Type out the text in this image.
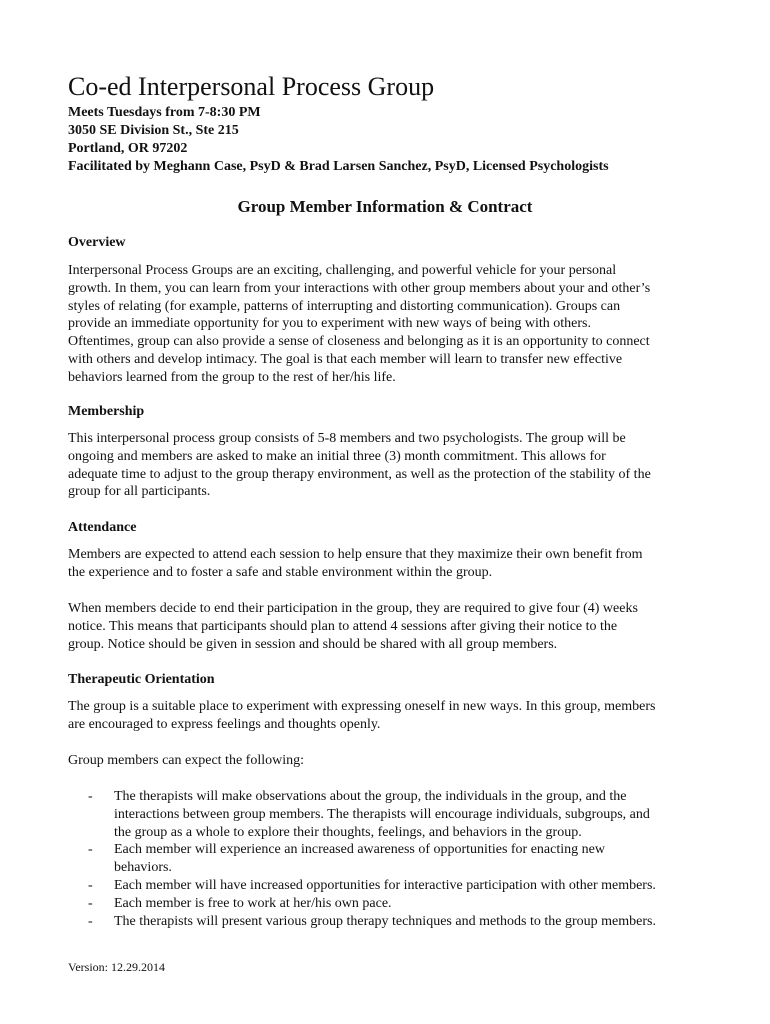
Co-ed Interpersonal Process Group
Meets Tuesdays from 7-8:30 PM
3050 SE Division St., Ste 215
Portland, OR 97202
Facilitated by Meghann Case, PsyD & Brad Larsen Sanchez, PsyD, Licensed Psychologists
Group Member Information & Contract
Overview
Interpersonal Process Groups are an exciting, challenging, and powerful vehicle for your personal
growth. In them, you can learn from your interactions with other group members about your and other’s
styles of relating (for example, patterns of interrupting and distorting communication). Groups can
provide an immediate opportunity for you to experiment with new ways of being with others.
Oftentimes, group can also provide a sense of closeness and belonging as it is an opportunity to connect
with others and develop intimacy. The goal is that each member will learn to transfer new effective
behaviors learned from the group to the rest of her/his life.
Membership
This interpersonal process group consists of 5-8 members and two psychologists. The group will be
ongoing and members are asked to make an initial three (3) month commitment. This allows for
adequate time to adjust to the group therapy environment, as well as the protection of the stability of the
group for all participants.
Attendance
Members are expected to attend each session to help ensure that they maximize their own benefit from
the experience and to foster a safe and stable environment within the group.
When members decide to end their participation in the group, they are required to give four (4) weeks
notice. This means that participants should plan to attend 4 sessions after giving their notice to the
group. Notice should be given in session and should be shared with all group members.
Therapeutic Orientation
The group is a suitable place to experiment with expressing oneself in new ways. In this group, members
are encouraged to express feelings and thoughts openly.
Group members can expect the following:
- The therapists will make observations about the group, the individuals in the group, and the
interactions between group members. The therapists will encourage individuals, subgroups, and
the group as a whole to explore their thoughts, feelings, and behaviors in the group.
- Each member will experience an increased awareness of opportunities for enacting new
behaviors.
- Each member will have increased opportunities for interactive participation with other members.
- Each member is free to work at her/his own pace.
- The therapists will present various group therapy techniques and methods to the group members.
Version: 12.29.2014
